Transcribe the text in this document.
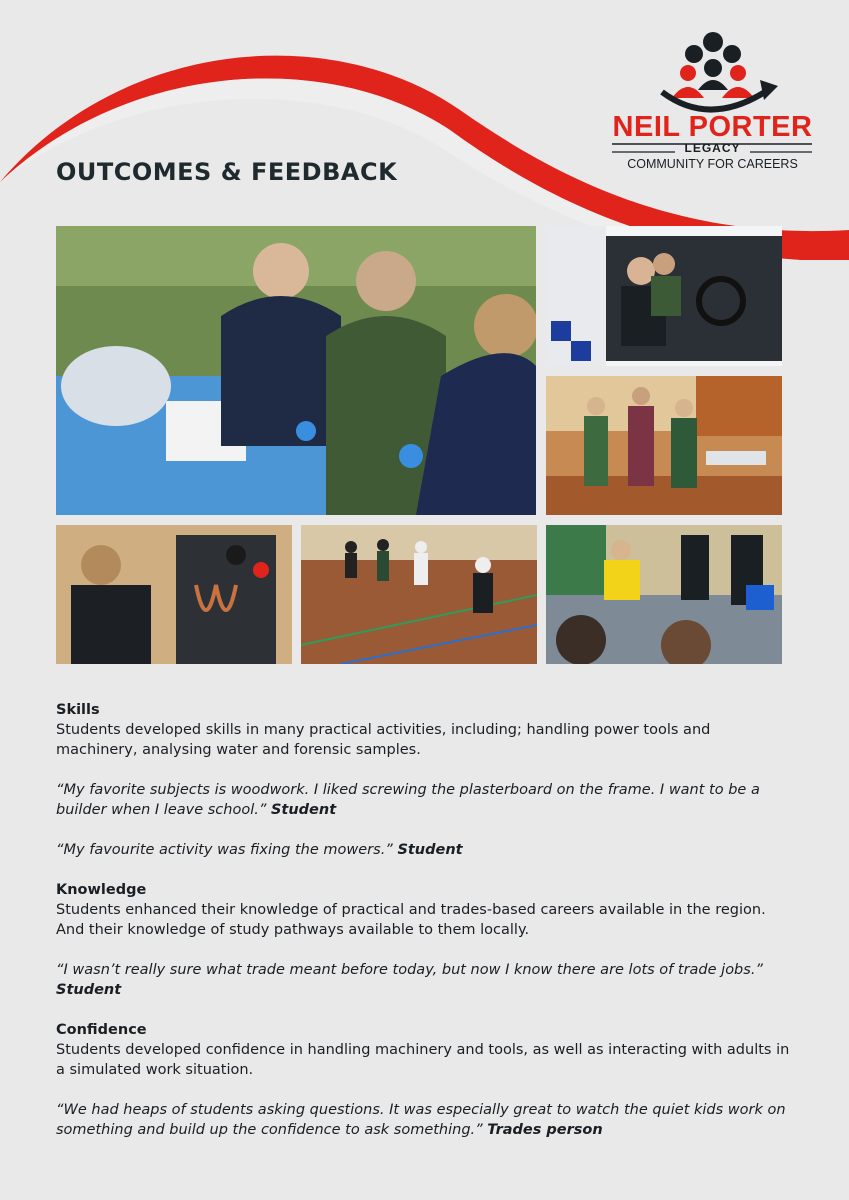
NEIL PORTER
LEGACY
COMMUNITY FOR CAREERS
OUTCOMES & FEEDBACK
Skills

Students developed skills in many practical activities, including; handling power tools and machinery, analysing water and forensic samples.

“My favorite subjects is woodwork. I liked screwing the plasterboard on the frame. I want to be a builder when I leave school.” Student

“My favourite activity was fixing the mowers.” Student

Knowledge

Students enhanced their knowledge of practical and trades-based careers available in the region. And their knowledge of study pathways available to them locally.

“I wasn’t really sure what trade meant before today, but now I know there are lots of trade jobs.” Student

Confidence

Students developed confidence in handling machinery and tools, as well as interacting with adults in a simulated work situation.

“We had heaps of students asking questions. It was especially great to watch the quiet kids work on something and build up the confidence to ask something.” Trades person
